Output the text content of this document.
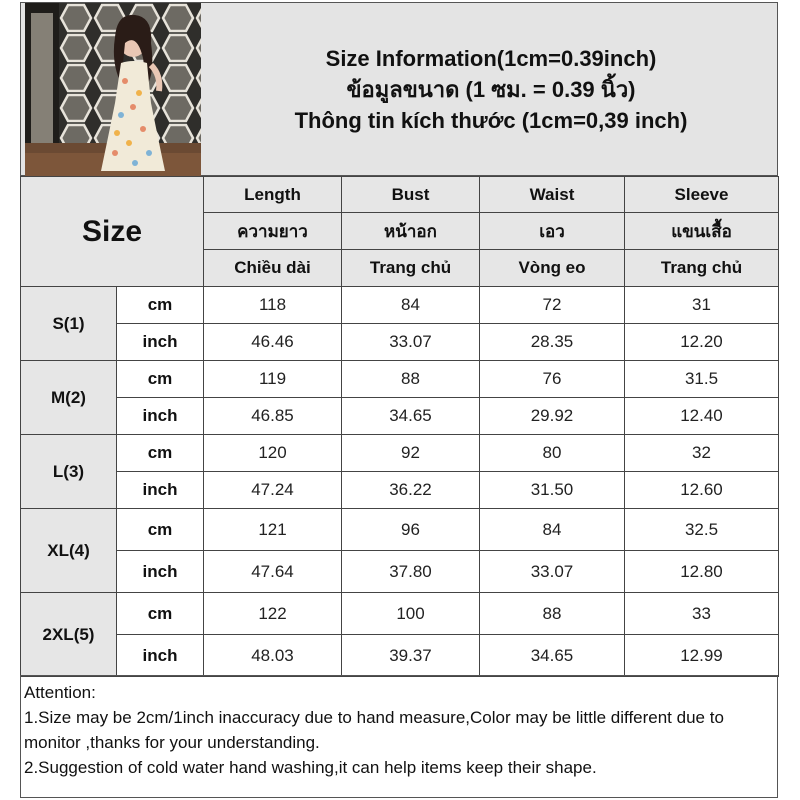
Size Information(1cm=0.39inch)
ข้อมูลขนาด (1 ซม. = 0.39 นิ้ว)
Thông tin kích thước (1cm=0,39 inch)
Size		Length	Bust	Waist	Sleeve
		ความยาว	หน้าอก	เอว	แขนเสื้อ
		Chiều dài	Trang chủ	Vòng eo	Trang chủ
S(1)	cm	118	84	72	31
	inch	46.46	33.07	28.35	12.20
M(2)	cm	119	88	76	31.5
	inch	46.85	34.65	29.92	12.40
L(3)	cm	120	92	80	32
	inch	47.24	36.22	31.50	12.60
XL(4)	cm	121	96	84	32.5
	inch	47.64	37.80	33.07	12.80
2XL(5)	cm	122	100	88	33
	inch	48.03	39.37	34.65	12.99
Attention:
1.Size may be 2cm/1inch inaccuracy due to hand measure,Color may be little different due to monitor ,thanks for your understanding.
2.Suggestion of cold water hand washing,it can help items keep their shape.
